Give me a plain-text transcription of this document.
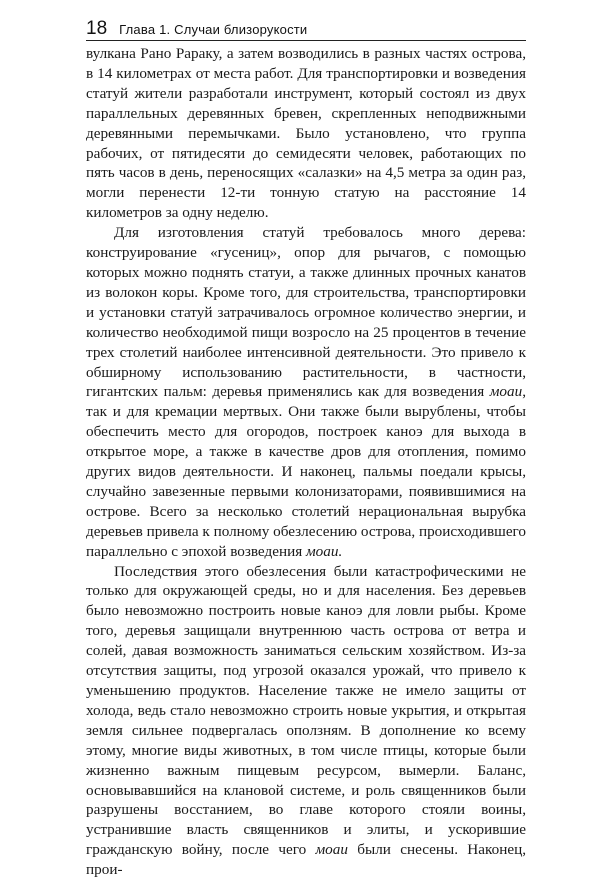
18 Глава 1. Случаи близорукости

вулкана Рано Рараку, а затем возводились в разных частях острова, в 14 километрах от места работ. Для транспортировки и возведения статуй жители разработали инструмент, который состоял из двух параллельных деревянных бревен, скрепленных неподвижными деревянными перемычками. Было установлено, что группа рабочих, от пятидесяти до семидесяти человек, работающих по пять часов в день, переносящих «салазки» на 4,5 метра за один раз, могли перенести 12-ти тонную статую на расстояние 14 километров за одну неделю.

Для изготовления статуй требовалось много дерева: конструирование «гусениц», опор для рычагов, с помощью которых можно поднять статуи, а также длинных прочных канатов из волокон коры. Кроме того, для строительства, транспортировки и установки статуй затрачивалось огромное количество энергии, и количество необходимой пищи возросло на 25 процентов в течение трех столетий наиболее интенсивной деятельности. Это привело к обширному использованию растительности, в частности, гигантских пальм: деревья применялись как для возведения моаи, так и для кремации мертвых. Они также были вырублены, чтобы обеспечить место для огородов, построек каноэ для выхода в открытое море, а также в качестве дров для отопления, помимо других видов деятельности. И наконец, пальмы поедали крысы, случайно завезенные первыми колонизаторами, появившимися на острове. Всего за несколько столетий нерациональная вырубка деревьев привела к полному обезлесению острова, происходившего параллельно с эпохой возведения моаи.

Последствия этого обезлесения были катастрофическими не только для окружающей среды, но и для населения. Без деревьев было невозможно построить новые каноэ для ловли рыбы. Кроме того, деревья защищали внутреннюю часть острова от ветра и солей, давая возможность заниматься сельским хозяйством. Из-за отсутствия защиты, под угрозой оказался урожай, что привело к уменьшению продуктов. Население также не имело защиты от холода, ведь стало невозможно строить новые укрытия, и открытая земля сильнее подвергалась оползням. В дополнение ко всему этому, многие виды животных, в том числе птицы, которые были жизненно важным пищевым ресурсом, вымерли. Баланс, основывавшийся на клановой системе, и роль священников были разрушены восстанием, во главе которого стояли воины, устранившие власть священников и элиты, и ускорившие гражданскую войну, после чего моаи были снесены. Наконец, прои-
